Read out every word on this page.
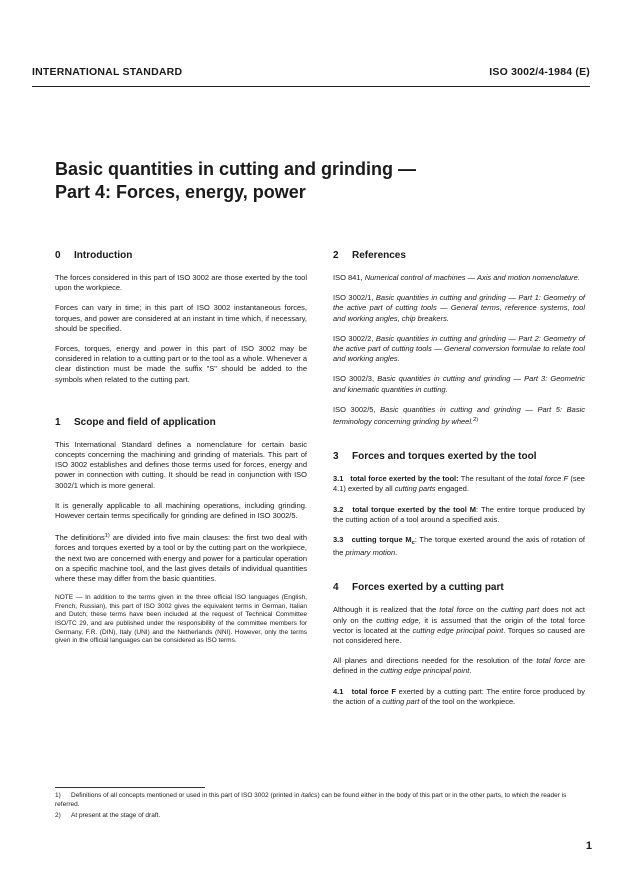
INTERNATIONAL STANDARD	ISO 3002/4-1984 (E)
Basic quantities in cutting and grinding —
Part 4: Forces, energy, power
0 Introduction

The forces considered in this part of ISO 3002 are those exerted by the tool upon the workpiece.

Forces can vary in time; in this part of ISO 3002 instantaneous forces, torques, and power are considered at an instant in time which, if necessary, should be specified.

Forces, torques, energy and power in this part of ISO 3002 may be considered in relation to a cutting part or to the tool as a whole. Whenever a clear distinction must be made the suffix "S" should be added to the symbols when related to the cutting part.

1 Scope and field of application

This International Standard defines a nomenclature for certain basic concepts concerning the machining and grinding of materials. This part of ISO 3002 establishes and defines those terms used for forces, energy and power in connection with cutting. It should be read in conjunction with ISO 3002/1 which is more general.

It is generally applicable to all machining operations, including grinding. However certain terms specifically for grinding are defined in ISO 3002/5.

The definitions$^{1)}$ are divided into five main clauses: the first two deal with forces and torques exerted by a tool or by the cutting part on the workpiece, the next two are concerned with energy and power for a particular operation on a specific machine tool, and the last gives details of individual quantities where these may differ from the basic quantities.

NOTE — In addition to the terms given in the three official ISO languages (English, French, Russian), this part of ISO 3002 gives the equivalent terms in German, Italian and Dutch; these terms have been included at the request of Technical Committee ISO/TC 29, and are published under the responsibility of the committee members for Germany, F.R. (DIN), Italy (UNI) and the Netherlands (NNI). However, only the terms given in the official languages can be considered as ISO terms.

2 References

ISO 841, Numerical control of machines — Axis and motion nomenclature.

ISO 3002/1, Basic quantities in cutting and grinding — Part 1: Geometry of the active part of cutting tools — General terms, reference systems, tool and working angles, chip breakers.

ISO 3002/2, Basic quantities in cutting and grinding — Part 2: Geometry of the active part of cutting tools — General conversion formulae to relate tool and working angles.

ISO 3002/3, Basic quantities in cutting and grinding — Part 3: Geometric and kinematic quantities in cutting.

ISO 3002/5, Basic quantities in cutting and grinding — Part 5: Basic terminology concerning grinding by wheel.$^{2)}$

3 Forces and torques exerted by the tool

3.1 total force exerted by the tool: The resultant of the total force F (see 4.1) exerted by all cutting parts engaged.

3.2 total torque exerted by the tool M: The entire torque produced by the cutting action of a tool around a specified axis.

3.3 cutting torque $M_c$: The torque exerted around the axis of rotation of the primary motion.

4 Forces exerted by a cutting part

Although it is realized that the total force on the cutting part does not act only on the cutting edge, it is assumed that the origin of the total force vector is located at the cutting edge principal point. Torques so caused are not considered here.

All planes and directions needed for the resolution of the total force are defined in the cutting edge principal point.

4.1 total force F exerted by a cutting part: The entire force produced by the action of a cutting part of the tool on the workpiece.

1) Definitions of all concepts mentioned or used in this part of ISO 3002 (printed in italics) can be found either in the body of this part or in the other parts, to which the reader is referred.
2) At present at the stage of draft.
1
